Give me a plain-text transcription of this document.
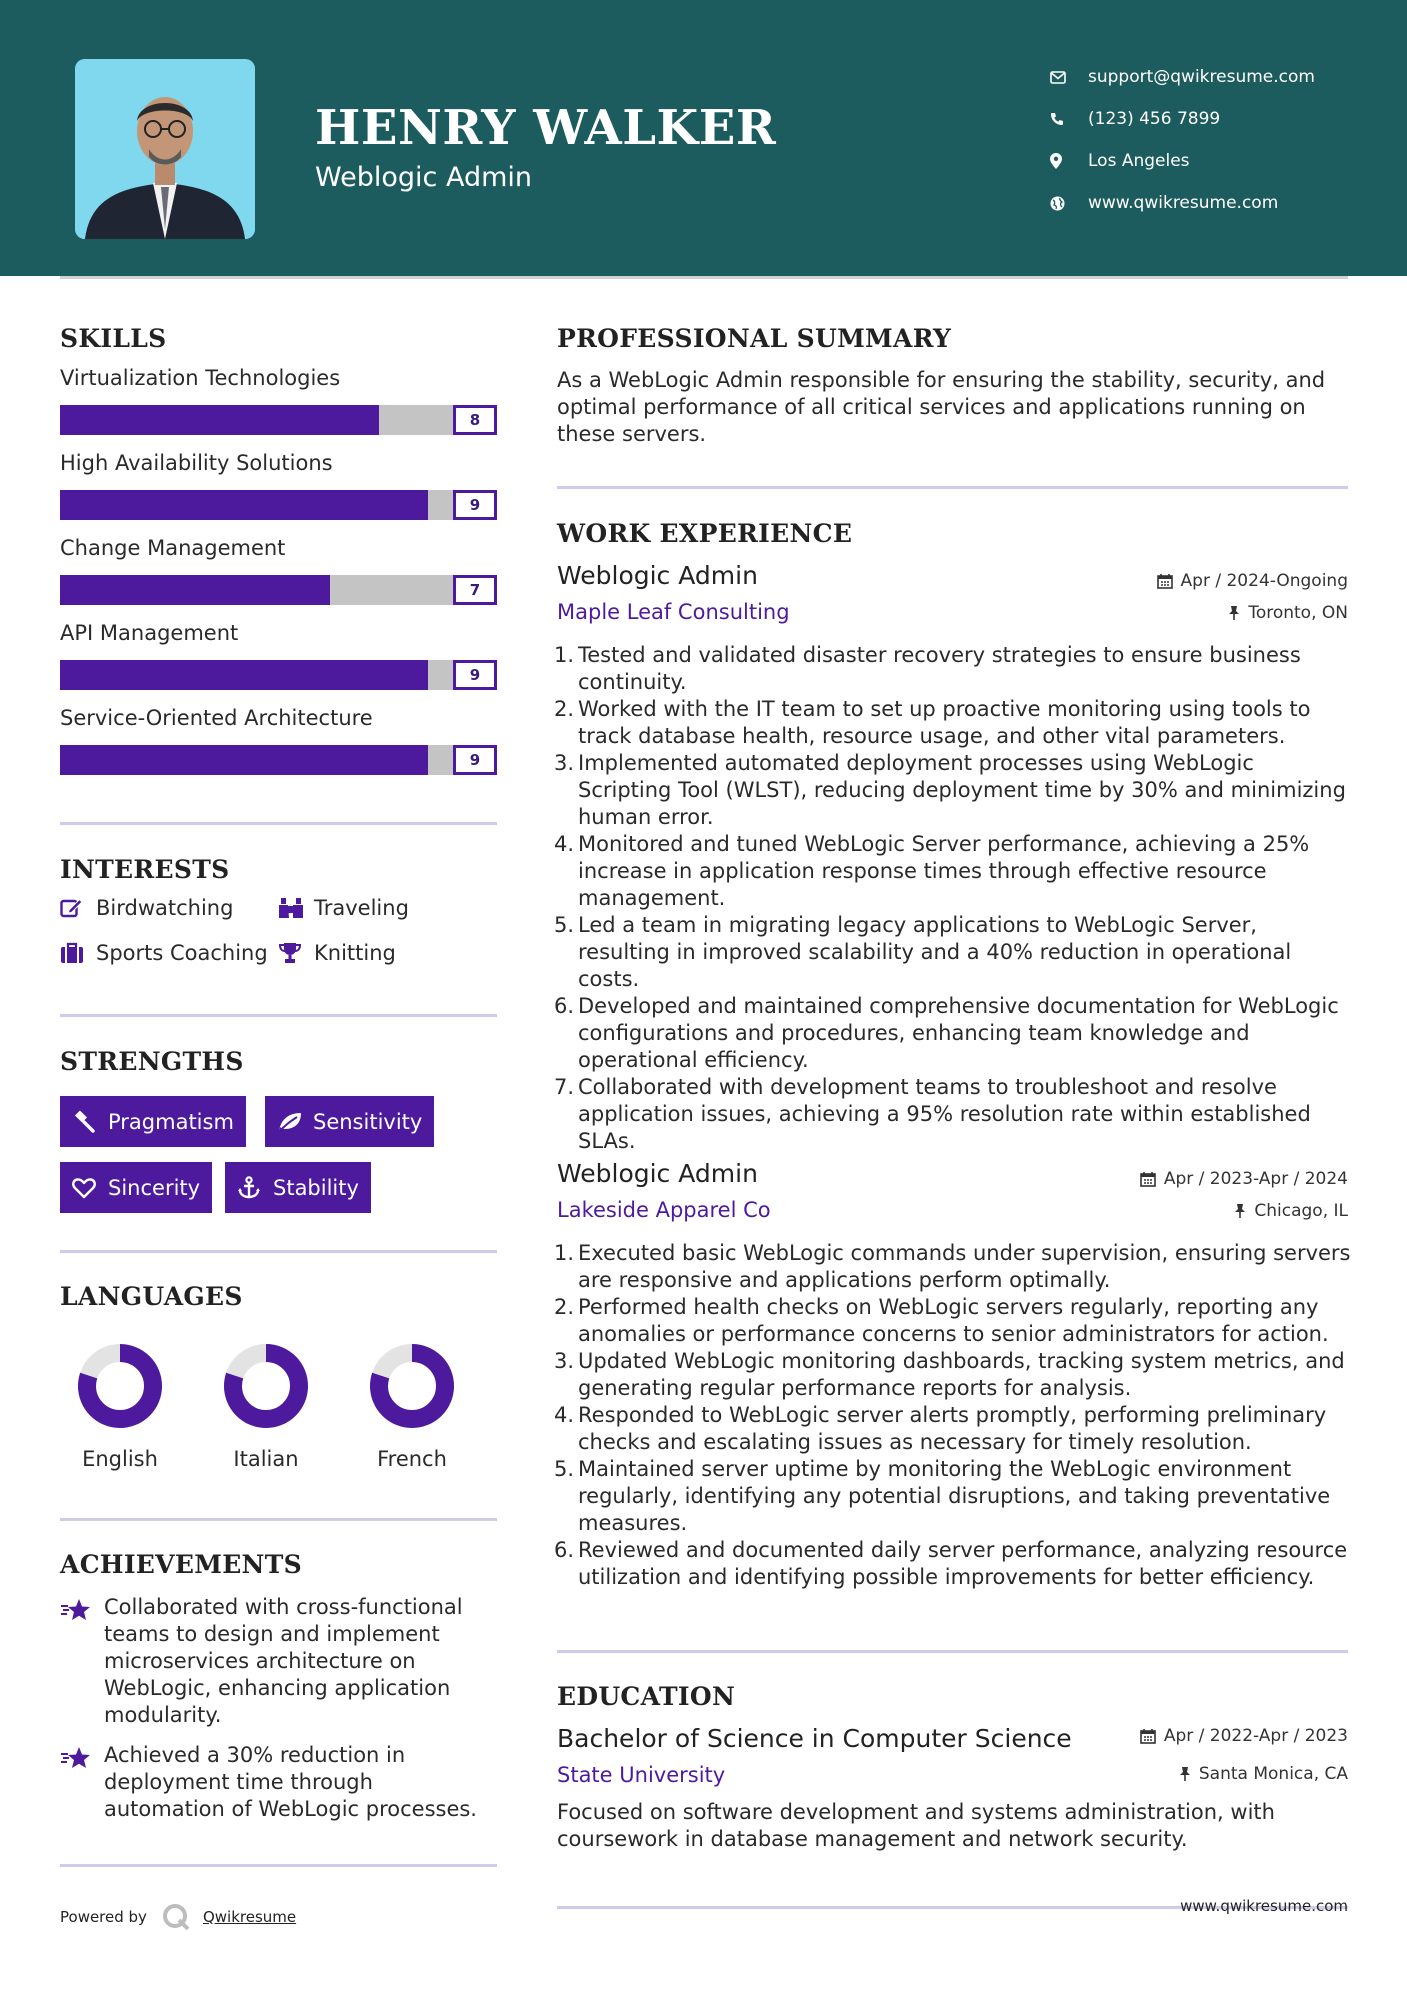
HENRY WALKER
Weblogic Admin
support@qwikresume.com
(123) 456 7899
Los Angeles
www.qwikresume.com
SKILLS
Virtualization Technologies
8
High Availability Solutions
9
Change Management
7
API Management
9
Service-Oriented Architecture
9
INTERESTS
Birdwatching	Traveling
Sports Coaching Knitting
STRENGTHS
Pragmatism	Sensitivity
Sincerity	Stability
LANGUAGES
English	Italian	French
ACHIEVEMENTS
Collaborated with cross-functional teams to design and implement microservices architecture on WebLogic, enhancing application modularity.
Achieved a 30% reduction in deployment time through automation of WebLogic processes.
Powered by	Qwikresume
PROFESSIONAL SUMMARY
As a WebLogic Admin responsible for ensuring the stability, security, and optimal performance of all critical services and applications running on these servers.
WORK EXPERIENCE
Weblogic Admin	Apr / 2024-Ongoing
Maple Leaf Consulting	Toronto, ON
1. Tested and validated disaster recovery strategies to ensure business continuity.
2. Worked with the IT team to set up proactive monitoring using tools to track database health, resource usage, and other vital parameters.
3. Implemented automated deployment processes using WebLogic Scripting Tool (WLST), reducing deployment time by 30% and minimizing human error.
4. Monitored and tuned WebLogic Server performance, achieving a 25% increase in application response times through effective resource management.
5. Led a team in migrating legacy applications to WebLogic Server, resulting in improved scalability and a 40% reduction in operational costs.
6. Developed and maintained comprehensive documentation for WebLogic configurations and procedures, enhancing team knowledge and operational efficiency.
7. Collaborated with development teams to troubleshoot and resolve application issues, achieving a 95% resolution rate within established SLAs.
Weblogic Admin	Apr / 2023-Apr / 2024
Lakeside Apparel Co	Chicago, IL
1. Executed basic WebLogic commands under supervision, ensuring servers are responsive and applications perform optimally.
2. Performed health checks on WebLogic servers regularly, reporting any anomalies or performance concerns to senior administrators for action.
3. Updated WebLogic monitoring dashboards, tracking system metrics, and generating regular performance reports for analysis.
4. Responded to WebLogic server alerts promptly, performing preliminary checks and escalating issues as necessary for timely resolution.
5. Maintained server uptime by monitoring the WebLogic environment regularly, identifying any potential disruptions, and taking preventative measures.
6. Reviewed and documented daily server performance, analyzing resource utilization and identifying possible improvements for better efficiency.
EDUCATION
Bachelor of Science in Computer Science	Apr / 2022-Apr / 2023
State University	Santa Monica, CA
Focused on software development and systems administration, with coursework in database management and network security.
www.qwikresume.com
